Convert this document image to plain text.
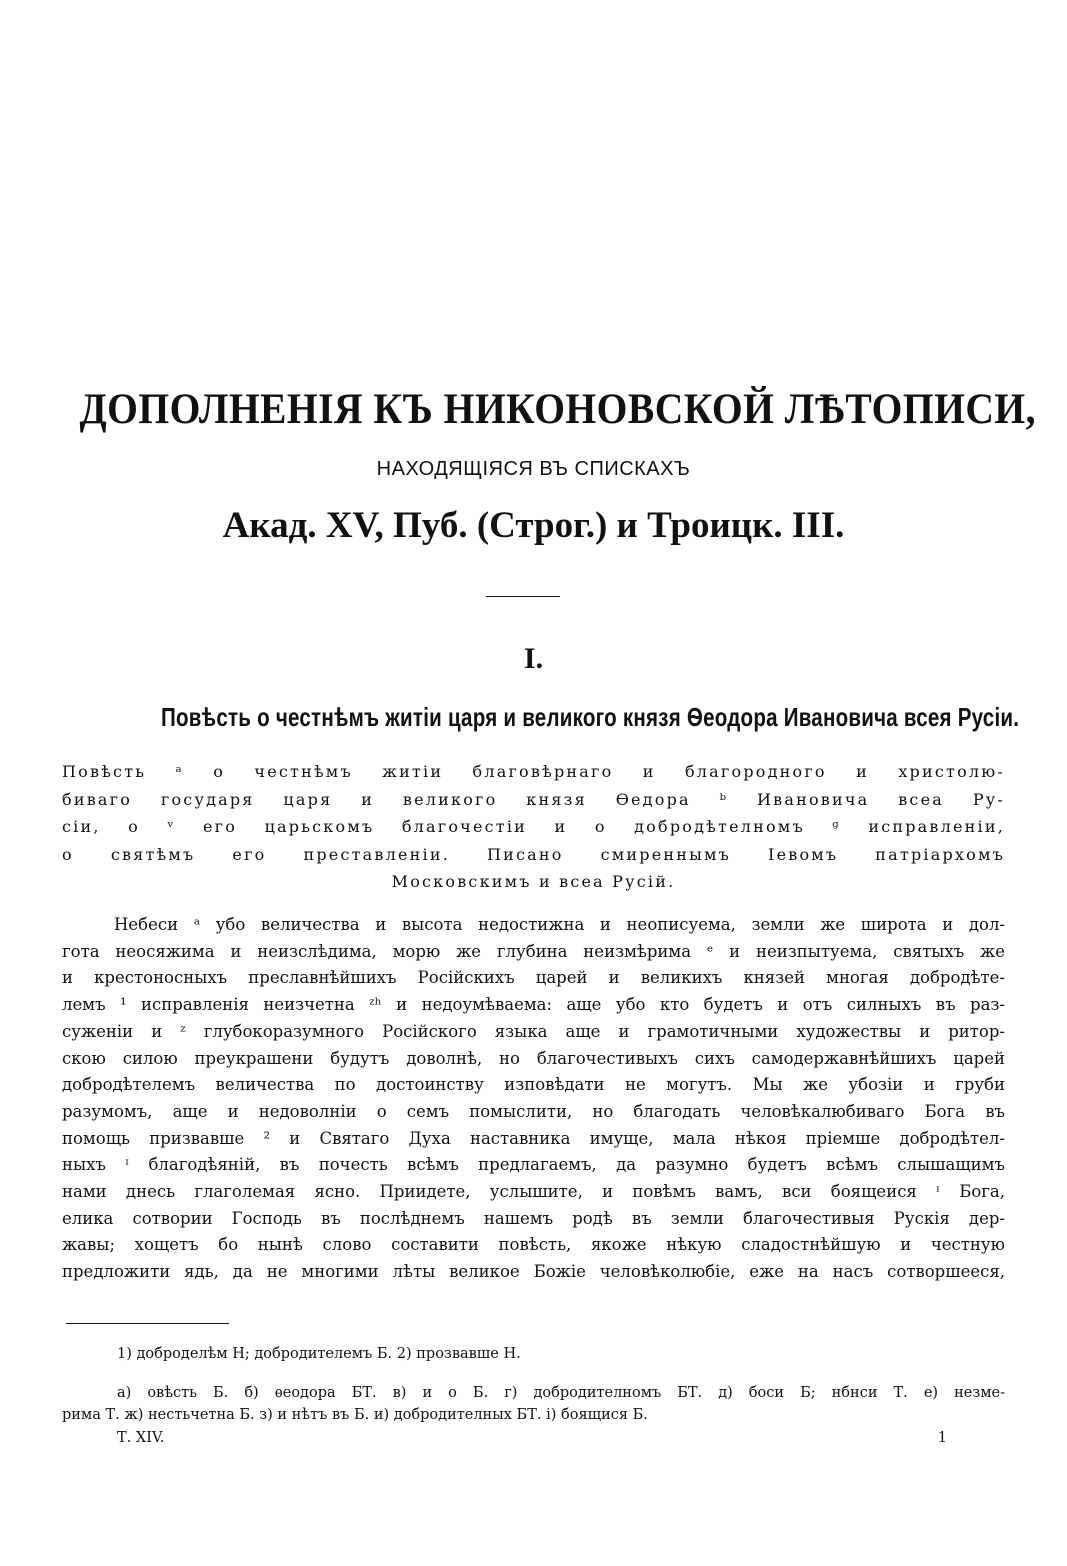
ДОПОЛНЕНІЯ КЪ НИКОНОВСКОЙ ЛѢТОПИСИ,
НАХОДЯЩІЯСЯ ВЪ СПИСКАХЪ
Акад. XV, Пуб. (Строг.) и Троицк. III.
I.
Повѣсть о честнѣмъ житіи царя и великого князя Ѳеодора Ивановича всея Русіи.
Повѣсть ᵃ о честнѣмъ житіи благовѣрнаго и благородного и христолю-
биваго государя царя и великого князя Ѳедора ᵇ Ивановича всеа Ру-
сіи, о ᵛ его царьскомъ благочестіи и о добродѣтелномъ ᵍ исправленіи,
о святѣмъ его преставленіи. Писано смиреннымъ Іевомъ патріархомъ
Московскимъ и всеа Русій.
Небеси ᵃ убо величества и высота недостижна и неописуема, земли же широта и дол-
гота неосяжима и неизслѣдима, морю же глубина неизмѣрима ᵉ и неизпытуема, святыхъ же
и крестоносныхъ преславнѣйшихъ Російскихъ царей и великихъ князей многая добродѣте-
лемъ ¹ исправленія неизчетна ᶻʰ и недоумѣваема: аще убо кто будетъ и отъ силныхъ въ раз-
суженіи и ᶻ глубокоразумного Російского языка аще и грамотичными художествы и ритор-
скою силою преукрашени будутъ доволнѣ, но благочестивыхъ сихъ самодержавнѣйшихъ царей
добродѣтелемъ величества по достоинству изповѣдати не могутъ. Мы же убозіи и груби
разумомъ, аще и недоволніи о семъ помыслити, но благодать человѣкалюбиваго Бога въ
помощь призвавше ² и Святаго Духа наставника имуще, мала нѣкоя пріемше добродѣтел-
ныхъ ᶦ благодѣяній, въ почесть всѣмъ предлагаемъ, да разумно будетъ всѣмъ слышащимъ
нами днесь глаголемая ясно. Приидете, услышите, и повѣмъ вамъ, вси боящеися ᶦ Бога,
елика сотвории Господь въ послѣднемъ нашемъ родѣ въ земли благочестивыя Рускія дер-
жавы; хощетъ бо нынѣ слово составити повѣсть, якоже нѣкую сладостнѣйшую и честную
предложити ядь, да не многими лѣты великое Божіе человѣколюбіе, еже на насъ сотворшееся,
1) доброделѣм Н; добродителемъ Б. 2) прозвавше Н.
а) овѣсть Б. б) ѳеодора БТ. в) и о Б. г) добродителномъ БТ. д) боси Б; нбнси Т. е) незме-
рима Т. ж) нестьчетна Б. з) и нѣтъ въ Б. и) добродителных БТ. і) боящися Б.
Т. XIV.	1
